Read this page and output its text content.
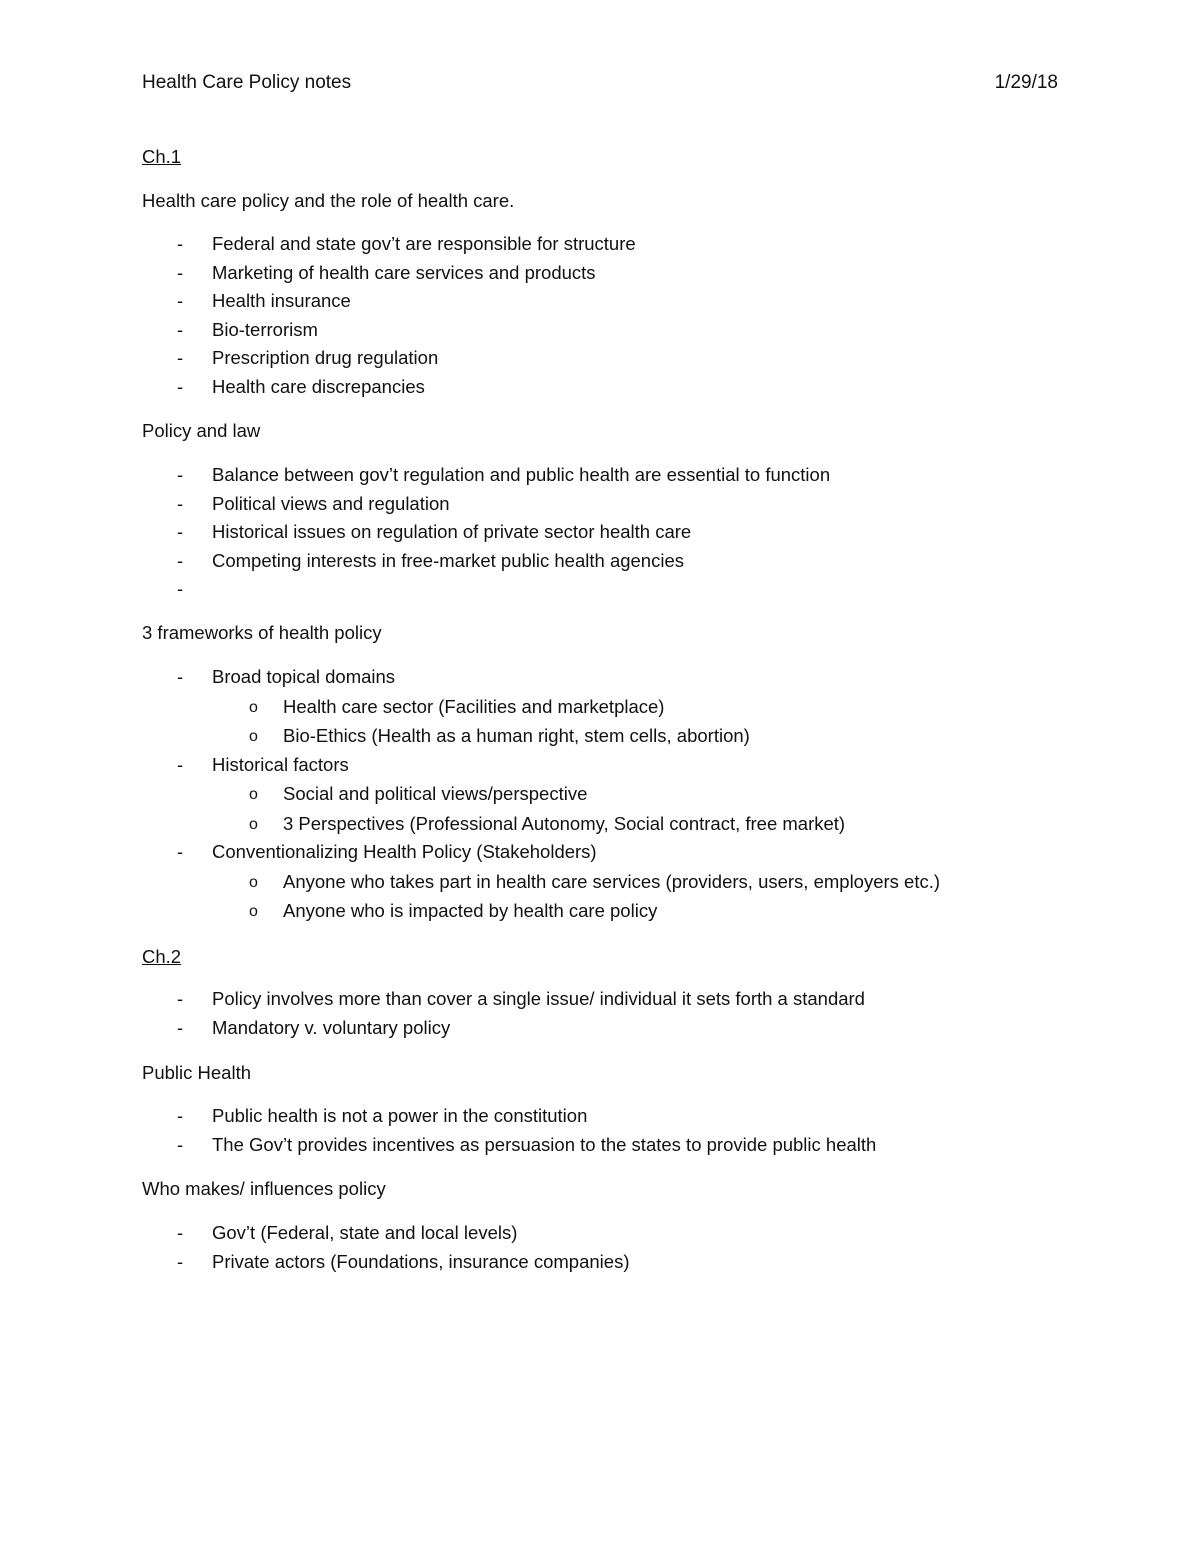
Health Care Policy notes	1/29/18
Ch.1
Health care policy and the role of health care.
- Federal and state gov’t are responsible for structure
- Marketing of health care services and products
- Health insurance
- Bio-terrorism
- Prescription drug regulation
- Health care discrepancies
Policy and law
- Balance between gov’t regulation and public health are essential to function
- Political views and regulation
- Historical issues on regulation of private sector health care
- Competing interests in free-market public health agencies
-
3 frameworks of health policy
- Broad topical domains
o Health care sector (Facilities and marketplace)
o Bio-Ethics (Health as a human right, stem cells, abortion)
- Historical factors
o Social and political views/perspective
o 3 Perspectives (Professional Autonomy, Social contract, free market)
- Conventionalizing Health Policy (Stakeholders)
o Anyone who takes part in health care services (providers, users, employers etc.)
o Anyone who is impacted by health care policy
Ch.2
- Policy involves more than cover a single issue/ individual it sets forth a standard
- Mandatory v. voluntary policy
Public Health
- Public health is not a power in the constitution
- The Gov’t provides incentives as persuasion to the states to provide public health
Who makes/ influences policy
- Gov’t (Federal, state and local levels)
- Private actors (Foundations, insurance companies)
